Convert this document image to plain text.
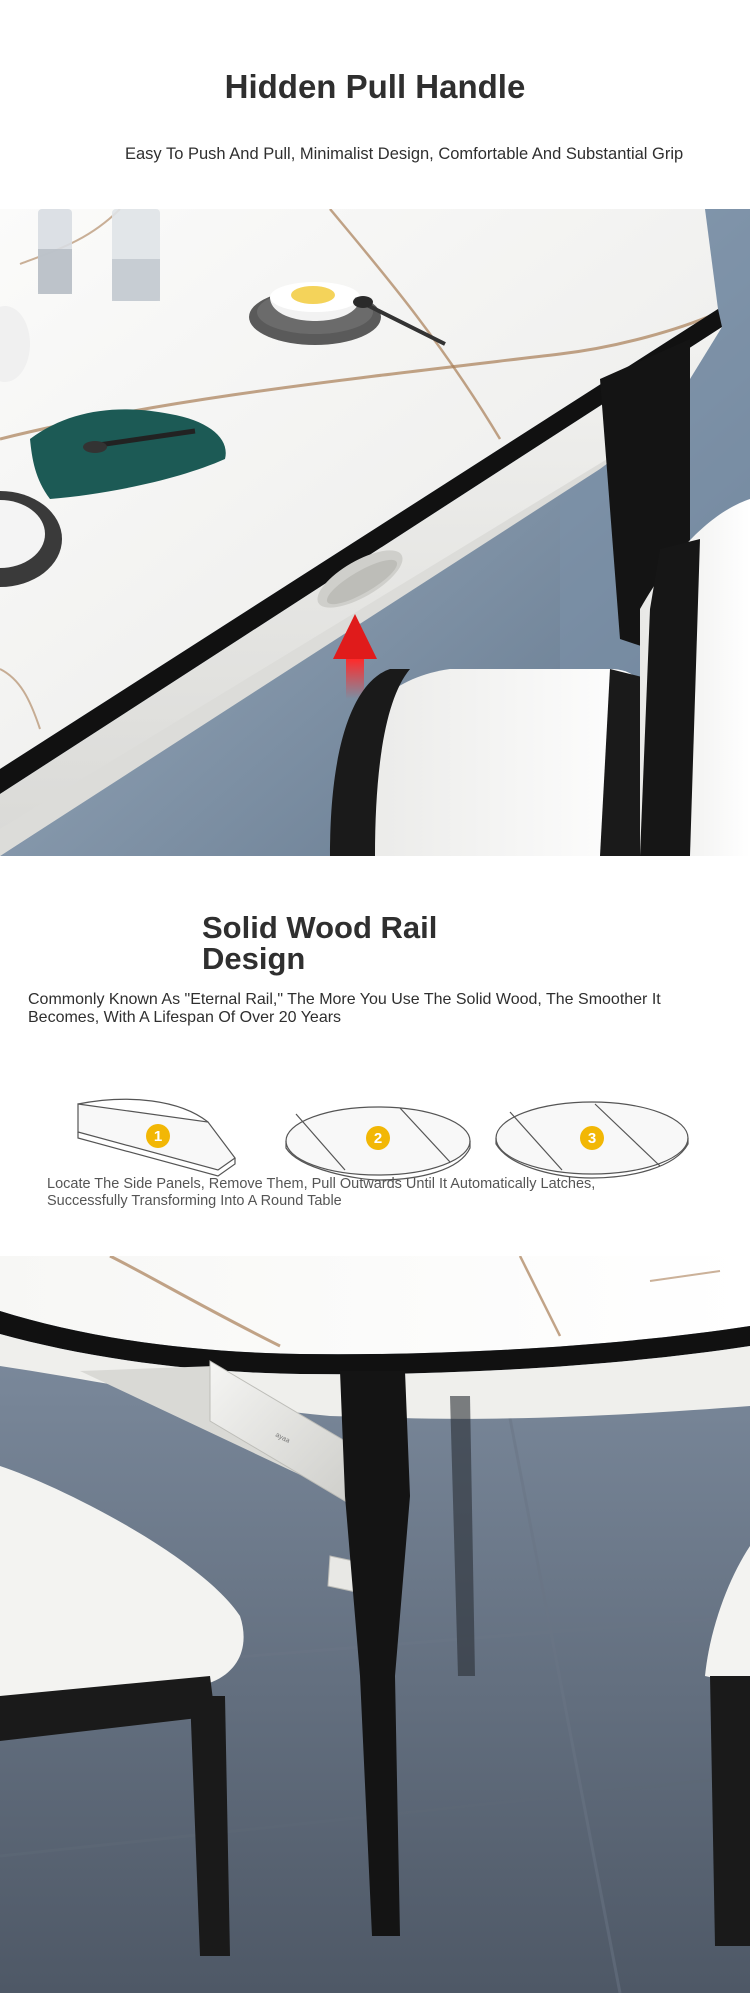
Hidden Pull Handle
Easy To Push And Pull, Minimalist Design, Comfortable And Substantial Grip
Solid Wood Rail
Design
Commonly Known As "Eternal Rail," The More You Use The Solid Wood, The Smoother It Becomes, With A Lifespan Of Over 20 Years
1	2	3
Locate The Side Panels, Remove Them, Pull Outwards Until It Automatically Latches,
Successfully Transforming Into A Round Table
ayaa
